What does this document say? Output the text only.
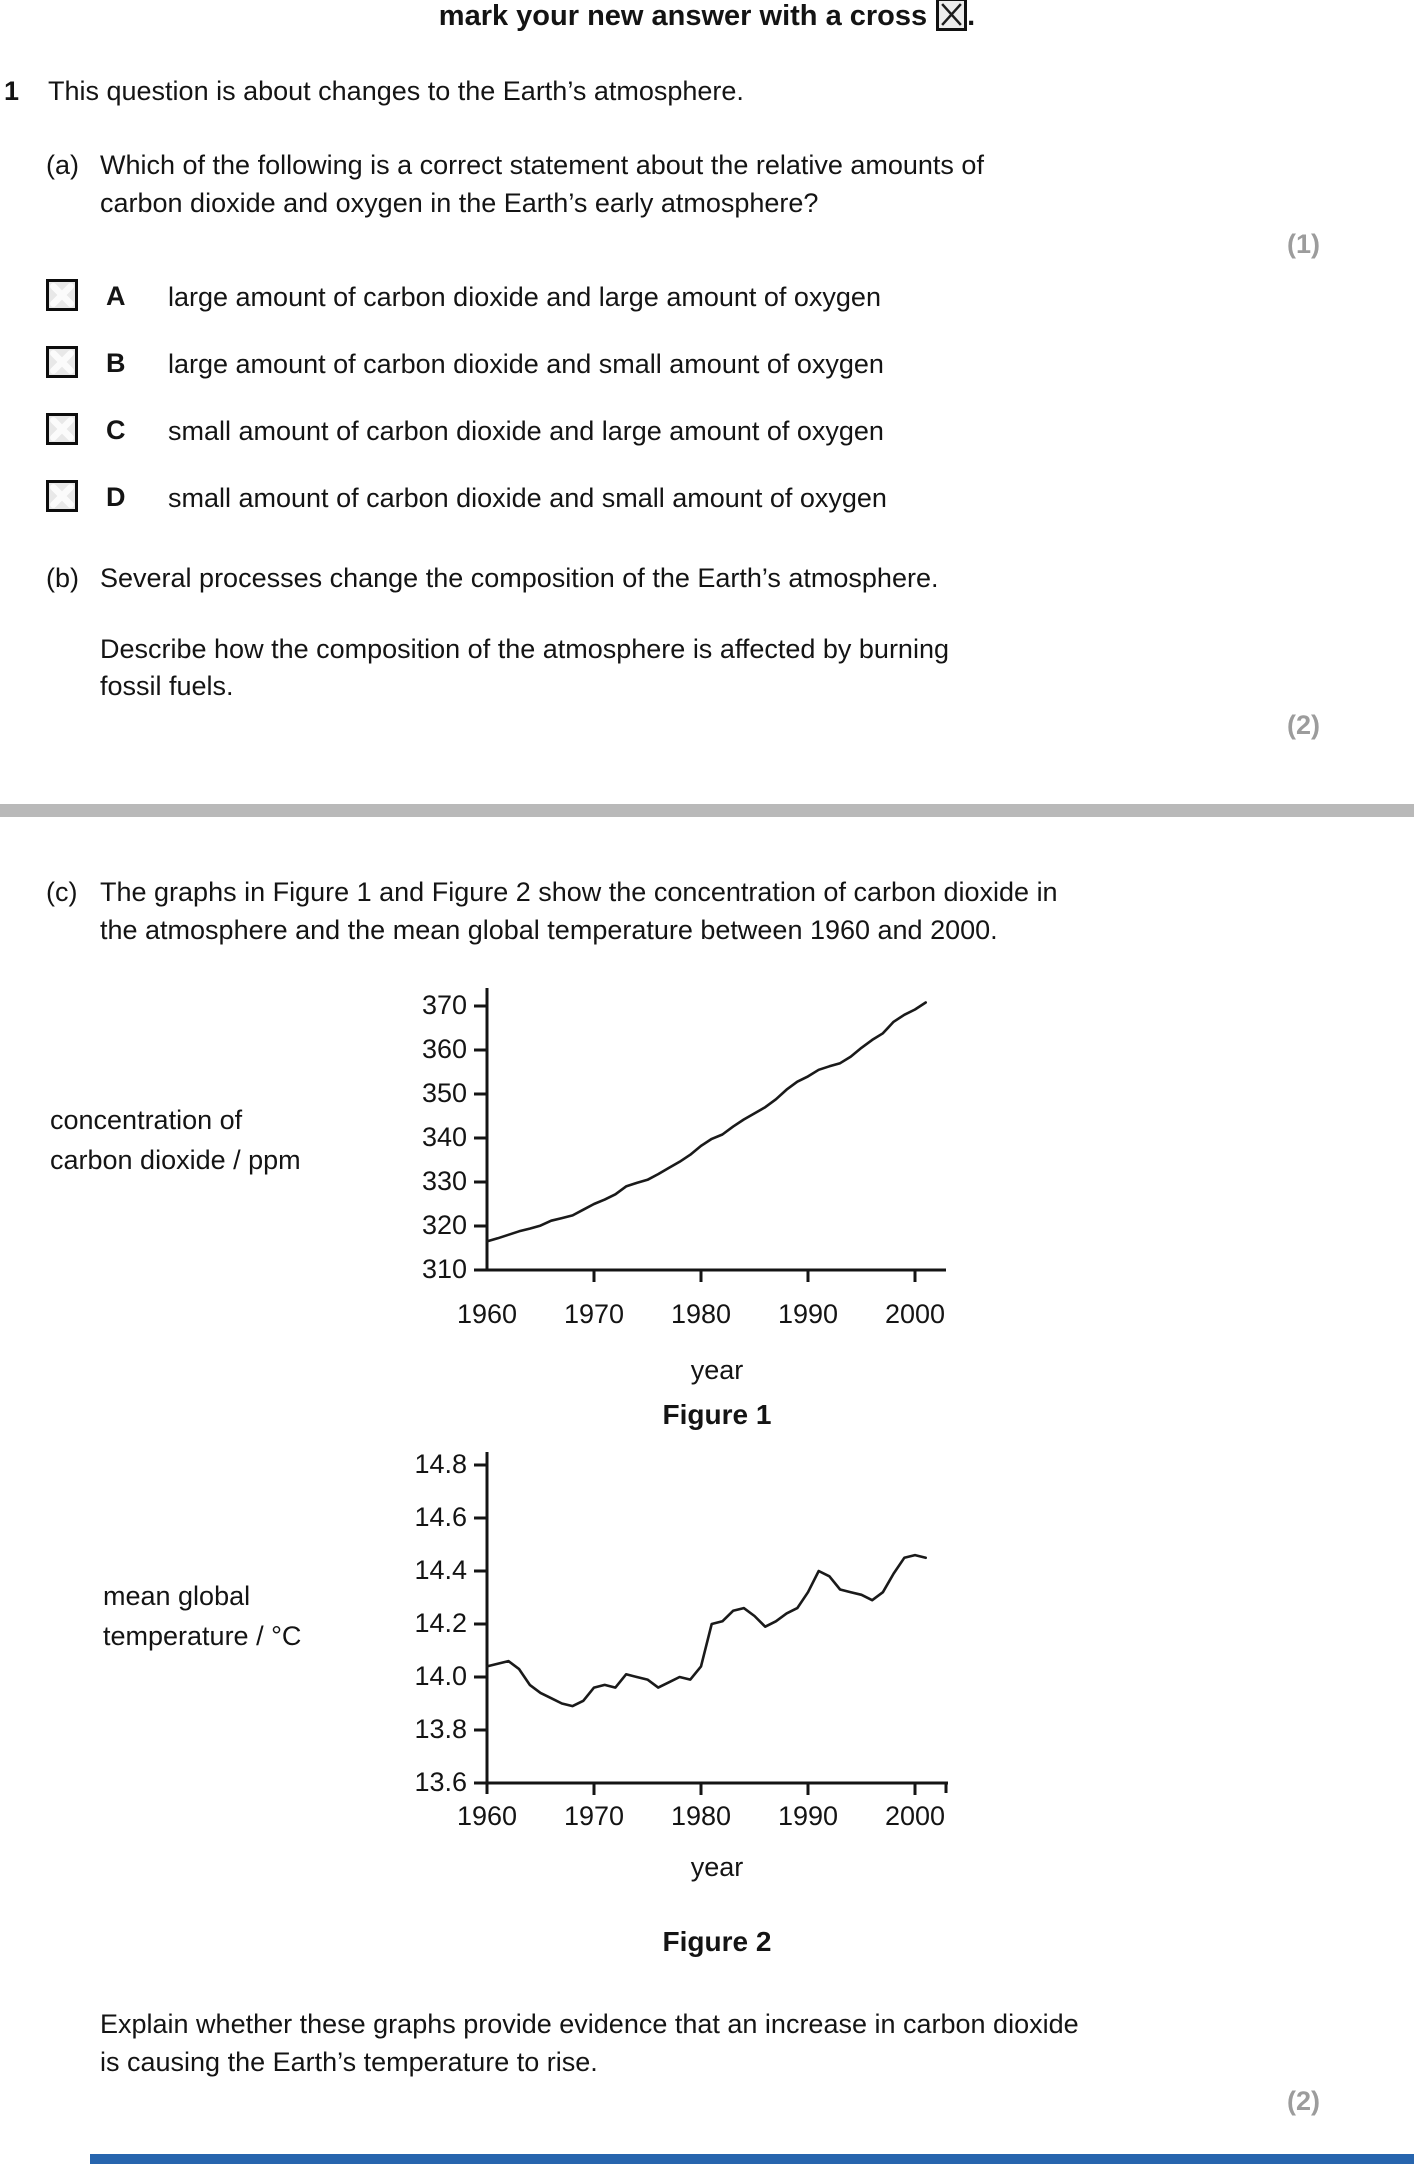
mark your new answer with a cross .
1 This question is about changes to the Earth’s atmosphere.
(a) Which of the following is a correct statement about the relative amounts of
carbon dioxide and oxygen in the Earth’s early atmosphere?
(1)
A large amount of carbon dioxide and large amount of oxygen
B large amount of carbon dioxide and small amount of oxygen
C small amount of carbon dioxide and large amount of oxygen
D small amount of carbon dioxide and small amount of oxygen
(b) Several processes change the composition of the Earth’s atmosphere.
Describe how the composition of the atmosphere is affected by burning
fossil fuels.
(2)
(c) The graphs in Figure 1 and Figure 2 show the concentration of carbon dioxide in
the atmosphere and the mean global temperature between 1960 and 2000.
370
360
350
340
330
320
310
1960	1970	1980	1990	2000
14.8
14.6
14.4
14.2
14.0
13.8
13.6
1960	1970	1980	1990	2000
concentration of
carbon dioxide / ppm
year
Figure 1
mean global
temperature / °C
year
Figure 2
Explain whether these graphs provide evidence that an increase in carbon dioxide
is causing the Earth’s temperature to rise.
(2)
